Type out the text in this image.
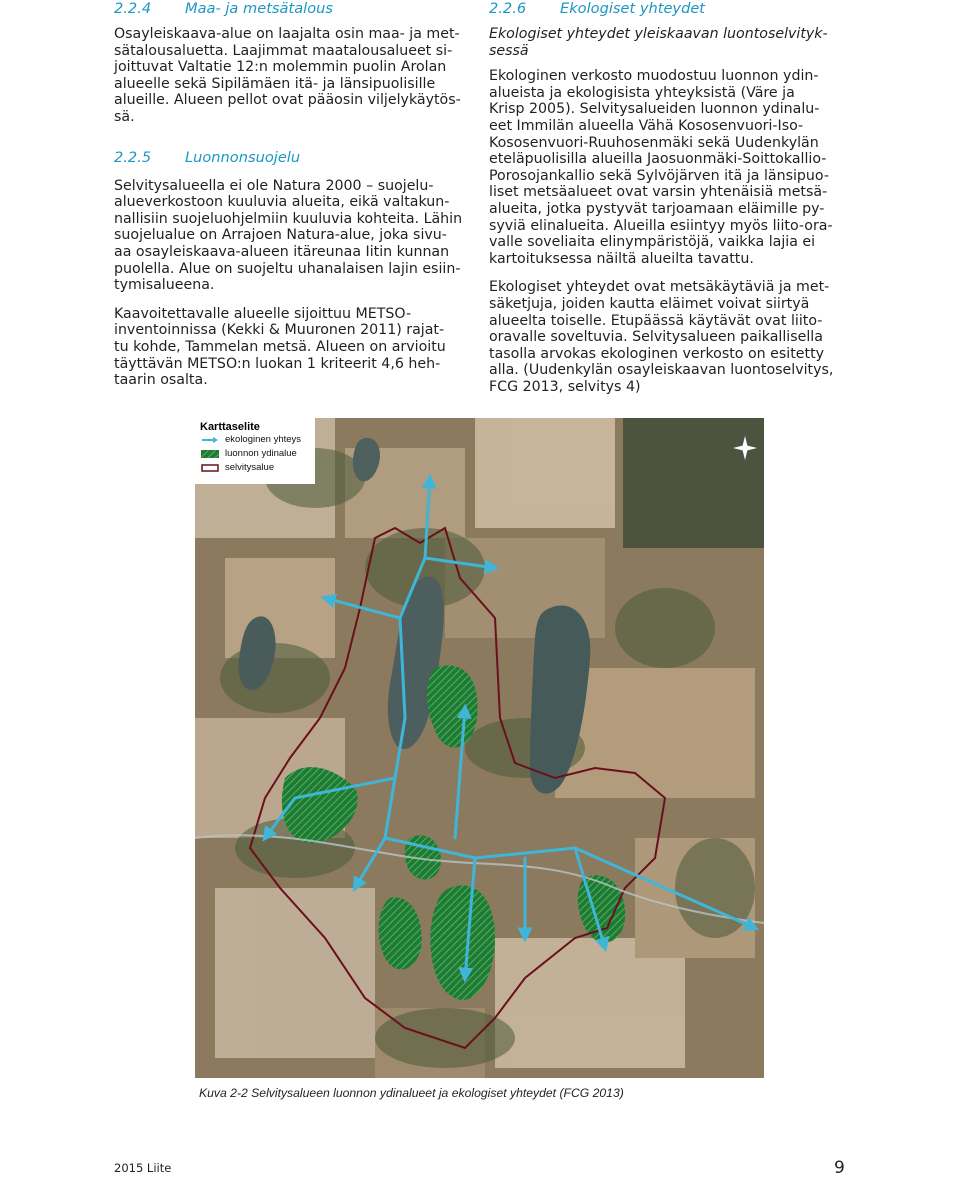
2.2.4 Maa- ja metsätalous
Osayleiskaava-alue on laajalta osin maa- ja met-
sätalousaluetta. Laajimmat maatalousalueet si-
joittuvat Valtatie 12:n molemmin puolin Arolan
alueelle sekä Sipilämäen itä- ja länsipuolisille
alueille. Alueen pellot ovat pääosin viljelykäytös-
sä.
2.2.5 Luonnonsuojelu
Selvitysalueella ei ole Natura 2000 – suojelu-
alueverkostoon kuuluvia alueita, eikä valtakun-
nallisiin suojeluohjelmiin kuuluvia kohteita. Lähin
suojelualue on Arrajoen Natura-alue, joka sivu-
aa osayleiskaava-alueen itäreunaa Iitin kunnan
puolella. Alue on suojeltu uhanalaisen lajin esiin-
tymisalueena.
Kaavoitettavalle alueelle sijoittuu METSO-
inventoinnissa (Kekki & Muuronen 2011) rajat-
tu kohde, Tammelan metsä. Alueen on arvioitu
täyttävän METSO:n luokan 1 kriteerit 4,6 heh-
taarin osalta.
2.2.6 Ekologiset yhteydet
Ekologiset yhteydet yleiskaavan luontoselvityk-
sessä
Ekologinen verkosto muodostuu luonnon ydin-
alueista ja ekologisista yhteyksistä (Väre ja
Krisp 2005). Selvitysalueiden luonnon ydinalu-
eet Immilän alueella Vähä Kososenvuori-Iso-
Kososenvuori-Ruuhosenmäki sekä Uudenkylän
eteläpuolisilla alueilla Jaosuonmäki-Soittokallio-
Porosojankallio sekä Sylvöjärven itä ja länsipuo-
liset metsäalueet ovat varsin yhtenäisiä metsä-
alueita, jotka pystyvät tarjoamaan eläimille py-
syviä elinalueita. Alueilla esiintyy myös liito-ora-
valle soveliaita elinympäristöjä, vaikka lajia ei
kartoituksessa näiltä alueilta tavattu.
Ekologiset yhteydet ovat metsäkäytäviä ja met-
säketjuja, joiden kautta eläimet voivat siirtyä
alueelta toiselle. Etupäässä käytävät ovat liito-
oravalle soveltuvia. Selvitysalueen paikallisella
tasolla arvokas ekologinen verkosto on esitetty
alla. (Uudenkylän osayleiskaavan luontoselvitys,
FCG 2013, selvitys 4)
Karttaselite
ekologinen yhteys
luonnon ydinalue
selvitysalue
Kuva 2-2 Selvitysalueen luonnon ydinalueet ja ekologiset yhteydet (FCG 2013)
2015 Liite	9
